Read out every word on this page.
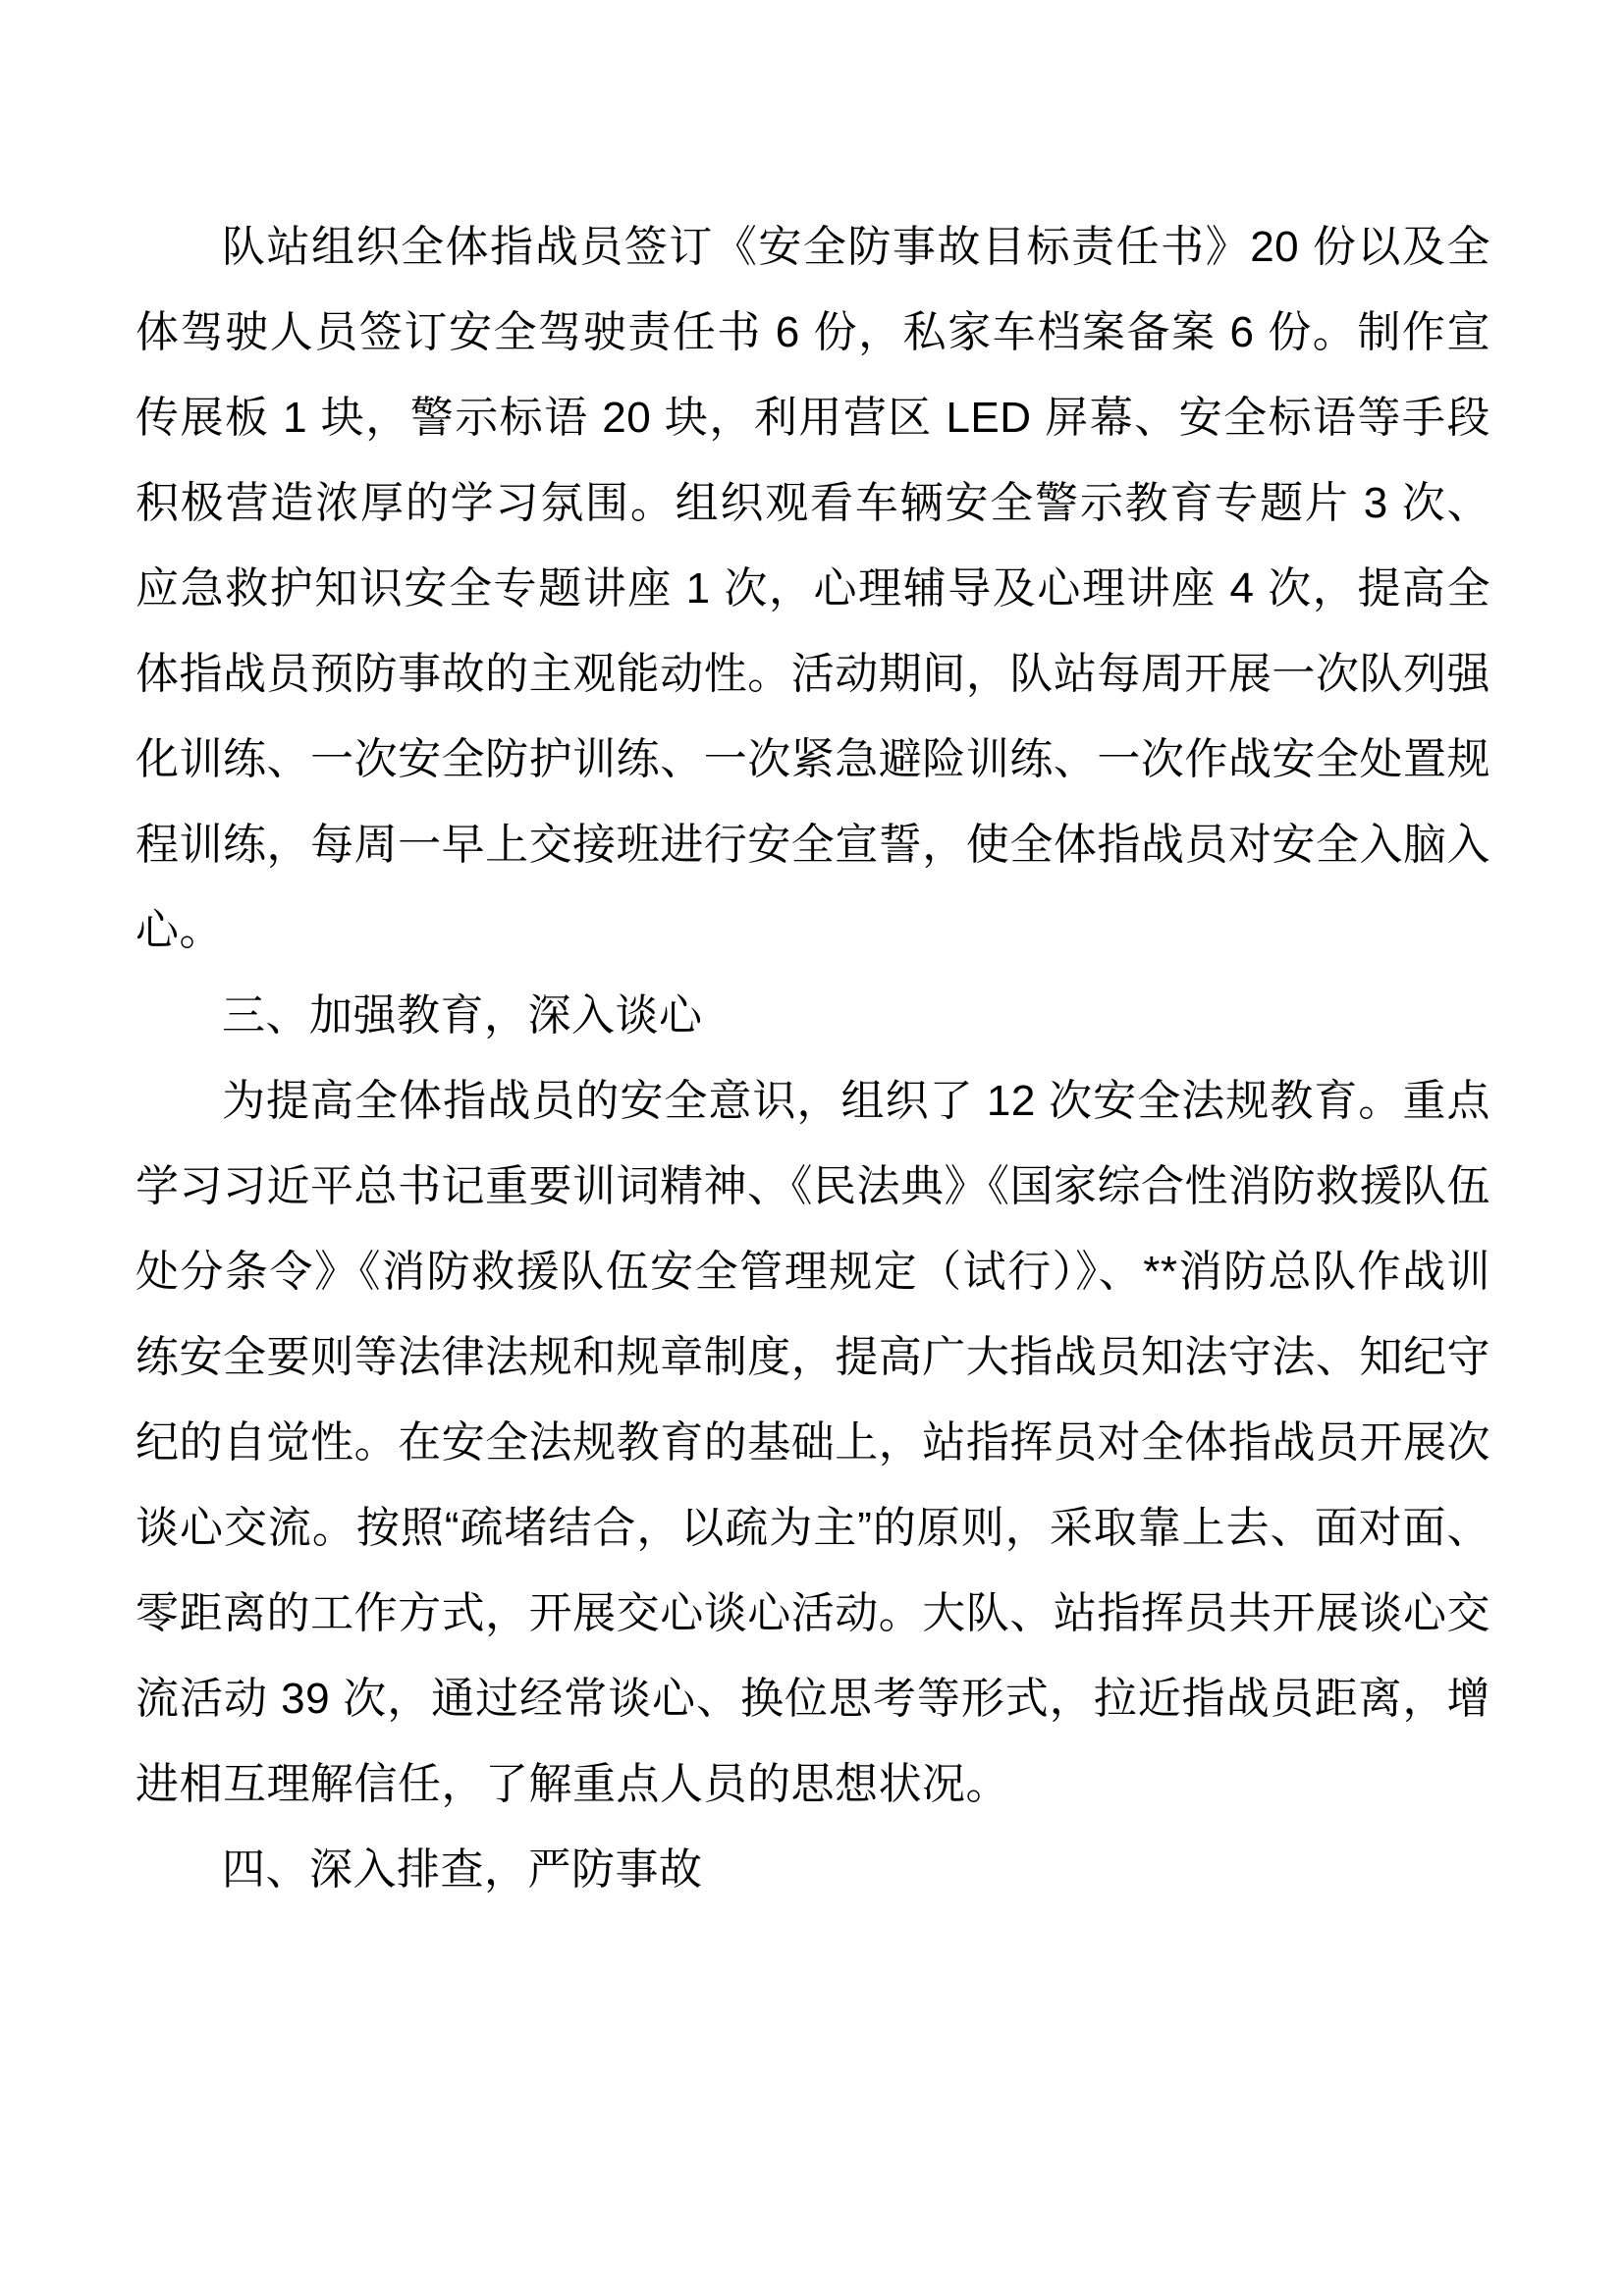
队站组织全体指战员签订《安全防事故目标责任书》20 份以及全体驾驶人员签订安全驾驶责任书 6 份，私家车档案备案 6 份。制作宣传展板 1 块，警示标语 20 块，利用营区 LED 屏幕、安全标语等手段积极营造浓厚的学习氛围。组织观看车辆安全警示教育专题片 3 次、应急救护知识安全专题讲座 1 次，心理辅导及心理讲座 4 次，提高全体指战员预防事故的主观能动性。活动期间，队站每周开展一次队列强化训练、一次安全防护训练、一次紧急避险训练、一次作战安全处置规程训练，每周一早上交接班进行安全宣誓，使全体指战员对安全入脑入心。

三、加强教育，深入谈心

为提高全体指战员的安全意识，组织了 12 次安全法规教育。重点学习习近平总书记重要训词精神、《民法典》《国家综合性消防救援队伍处分条令》《消防救援队伍安全管理规定（试行）》、**消防总队作战训练安全要则等法律法规和规章制度，提高广大指战员知法守法、知纪守纪的自觉性。在安全法规教育的基础上，站指挥员对全体指战员开展次谈心交流。按照“疏堵结合，以疏为主”的原则，采取靠上去、面对面、零距离的工作方式，开展交心谈心活动。大队、站指挥员共开展谈心交流活动 39 次，通过经常谈心、换位思考等形式，拉近指战员距离，增进相互理解信任，了解重点人员的思想状况。

四、深入排查，严防事故
